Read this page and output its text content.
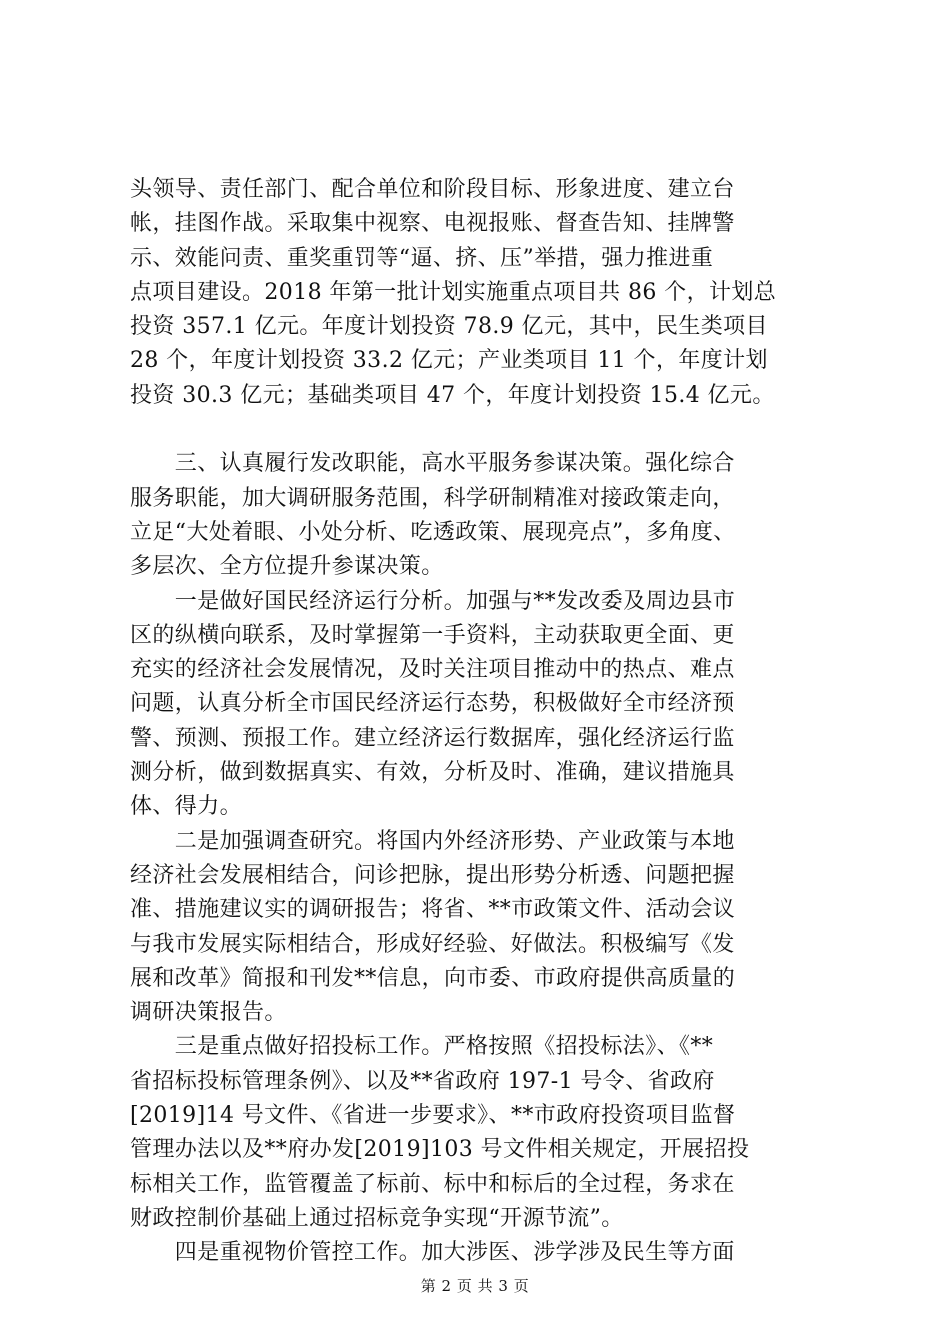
头领导、责任部门、配合单位和阶段目标、形象进度、建立台
帐，挂图作战。采取集中视察、电视报账、督查告知、挂牌警
示、效能问责、重奖重罚等“逼、挤、压”举措，强力推进重
点项目建设。2018 年第一批计划实施重点项目共 86 个，计划总
投资 357.1 亿元。年度计划投资 78.9 亿元，其中，民生类项目
28 个，年度计划投资 33.2 亿元；产业类项目 11 个，年度计划
投资 30.3 亿元；基础类项目 47 个，年度计划投资 15.4 亿元。
　　三、认真履行发改职能，高水平服务参谋决策。强化综合
服务职能，加大调研服务范围，科学研制精准对接政策走向，
立足“大处着眼、小处分析、吃透政策、展现亮点”，多角度、
多层次、全方位提升参谋决策。
　　一是做好国民经济运行分析。加强与**发改委及周边县市
区的纵横向联系，及时掌握第一手资料，主动获取更全面、更
充实的经济社会发展情况，及时关注项目推动中的热点、难点
问题，认真分析全市国民经济运行态势，积极做好全市经济预
警、预测、预报工作。建立经济运行数据库，强化经济运行监
测分析，做到数据真实、有效，分析及时、准确，建议措施具
体、得力。
　　二是加强调查研究。将国内外经济形势、产业政策与本地
经济社会发展相结合，问诊把脉，提出形势分析透、问题把握
准、措施建议实的调研报告；将省、**市政策文件、活动会议
与我市发展实际相结合，形成好经验、好做法。积极编写《发
展和改革》简报和刊发**信息，向市委、市政府提供高质量的
调研决策报告。
　　三是重点做好招投标工作。严格按照《招投标法》、《**
省招标投标管理条例》、以及**省政府 197-1 号令、省政府
[2019]14 号文件、《省进一步要求》、**市政府投资项目监督
管理办法以及**府办发[2019]103 号文件相关规定，开展招投
标相关工作，监管覆盖了标前、标中和标后的全过程，务求在
财政控制价基础上通过招标竞争实现“开源节流”。
　　四是重视物价管控工作。加大涉医、涉学涉及民生等方面
第 2 页 共 3 页
